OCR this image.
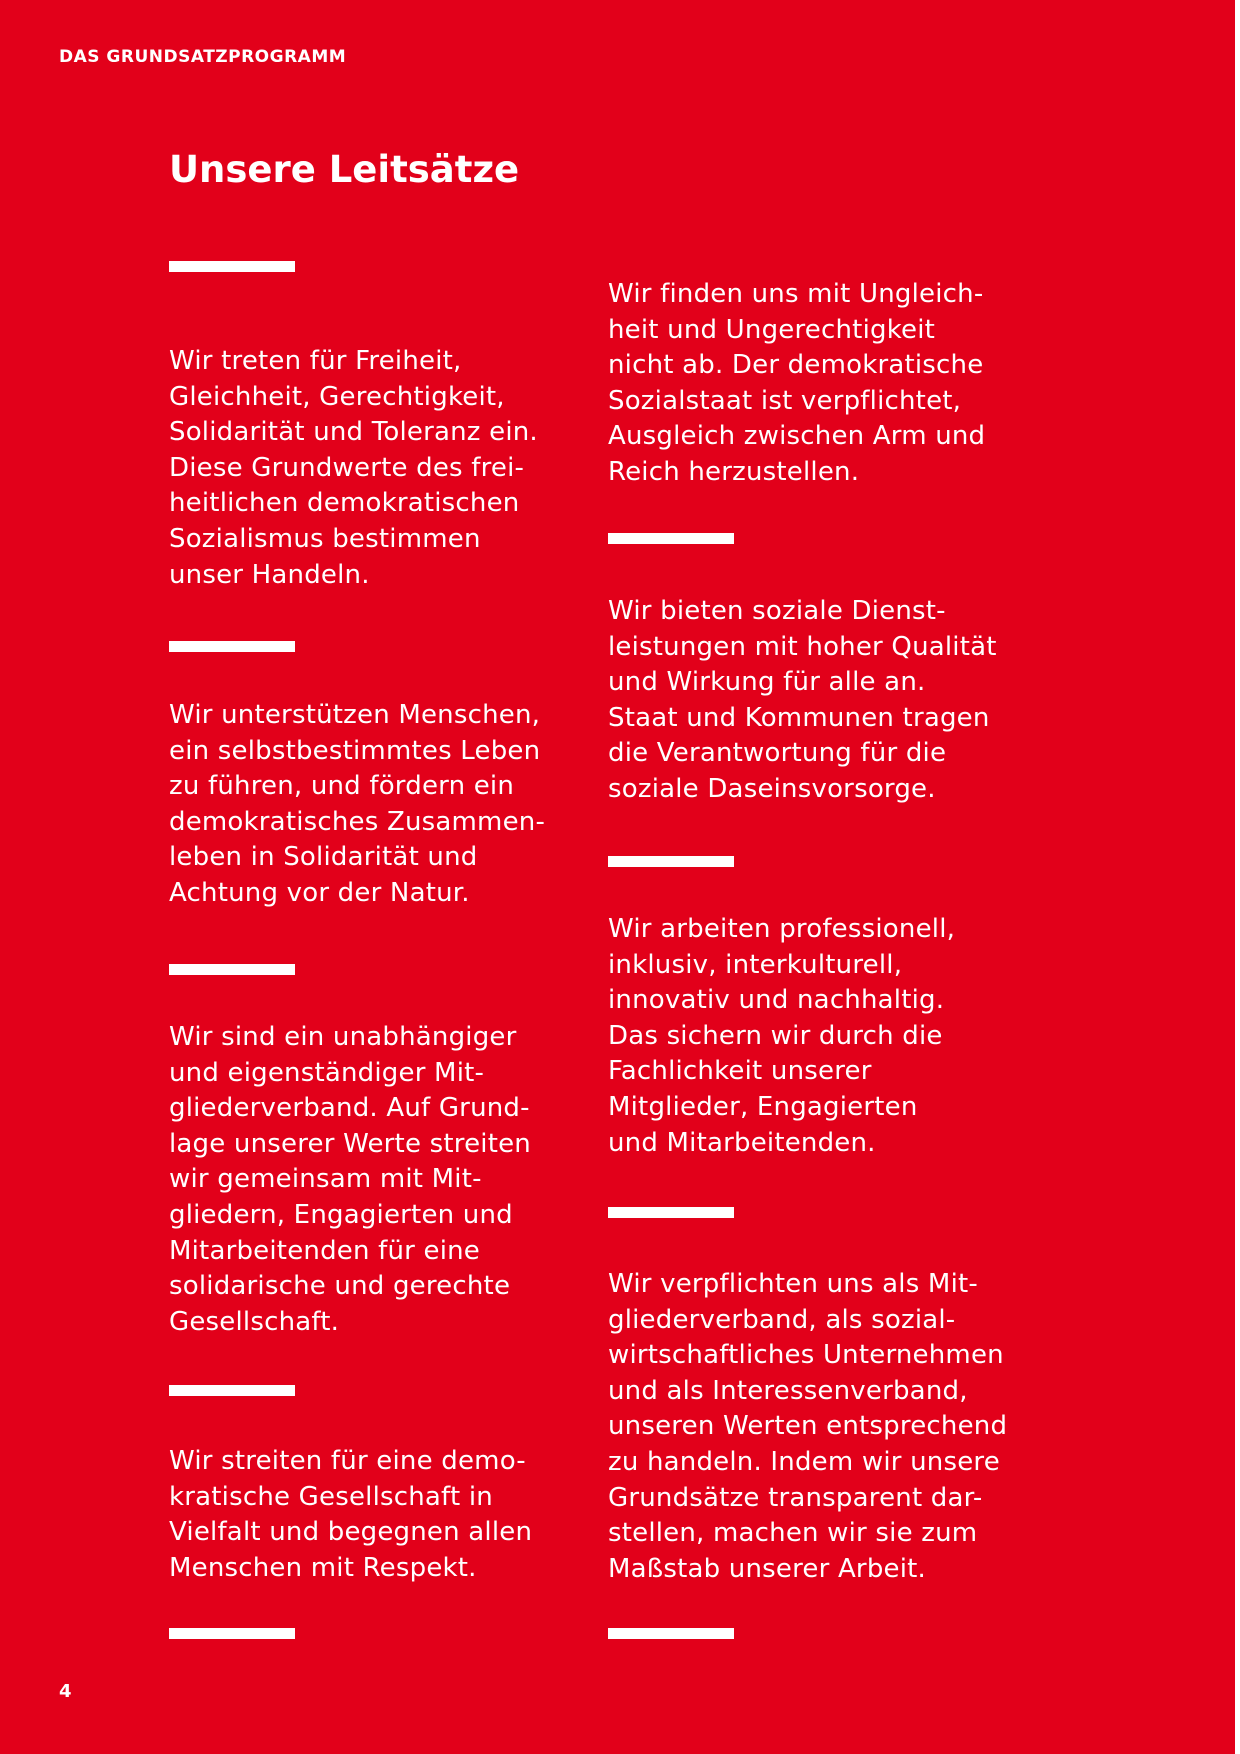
DAS GRUNDSATZPROGRAMM
Unsere Leitsätze

Wir treten für Freiheit,
Gleichheit, Gerechtigkeit,
Solidarität und Toleranz ein.
Diese Grundwerte des frei-
heitlichen demokratischen
Sozialismus bestimmen
unser Handeln.

Wir unterstützen Menschen,
ein selbstbestimmtes Leben
zu führen, und fördern ein
demokratisches Zusammen-
leben in Solidarität und
Achtung vor der Natur.

Wir sind ein unabhängiger
und eigenständiger Mit-
gliederverband. Auf Grund-
lage unserer Werte streiten
wir gemeinsam mit Mit-
gliedern, Engagierten und
Mitarbeitenden für eine
solidarische und gerechte
Gesellschaft.

Wir streiten für eine demo-
kratische Gesellschaft in
Vielfalt und begegnen allen
Menschen mit Respekt.

Wir finden uns mit Ungleich-
heit und Ungerechtigkeit
nicht ab. Der demokratische
Sozialstaat ist verpflichtet,
Ausgleich zwischen Arm und
Reich herzustellen.

Wir bieten soziale Dienst-
leistungen mit hoher Qualität
und Wirkung für alle an.
Staat und Kommunen tragen
die Verantwortung für die
soziale Daseinsvorsorge.

Wir arbeiten professionell,
inklusiv, interkulturell,
innovativ und nachhaltig.
Das sichern wir durch die
Fachlichkeit unserer
Mitglieder, Engagierten
und Mitarbeitenden.

Wir verpflichten uns als Mit-
gliederverband, als sozial-
wirtschaftliches Unternehmen
und als Interessenverband,
unseren Werten entsprechend
zu handeln. Indem wir unsere
Grundsätze transparent dar-
stellen, machen wir sie zum
Maßstab unserer Arbeit.

4
